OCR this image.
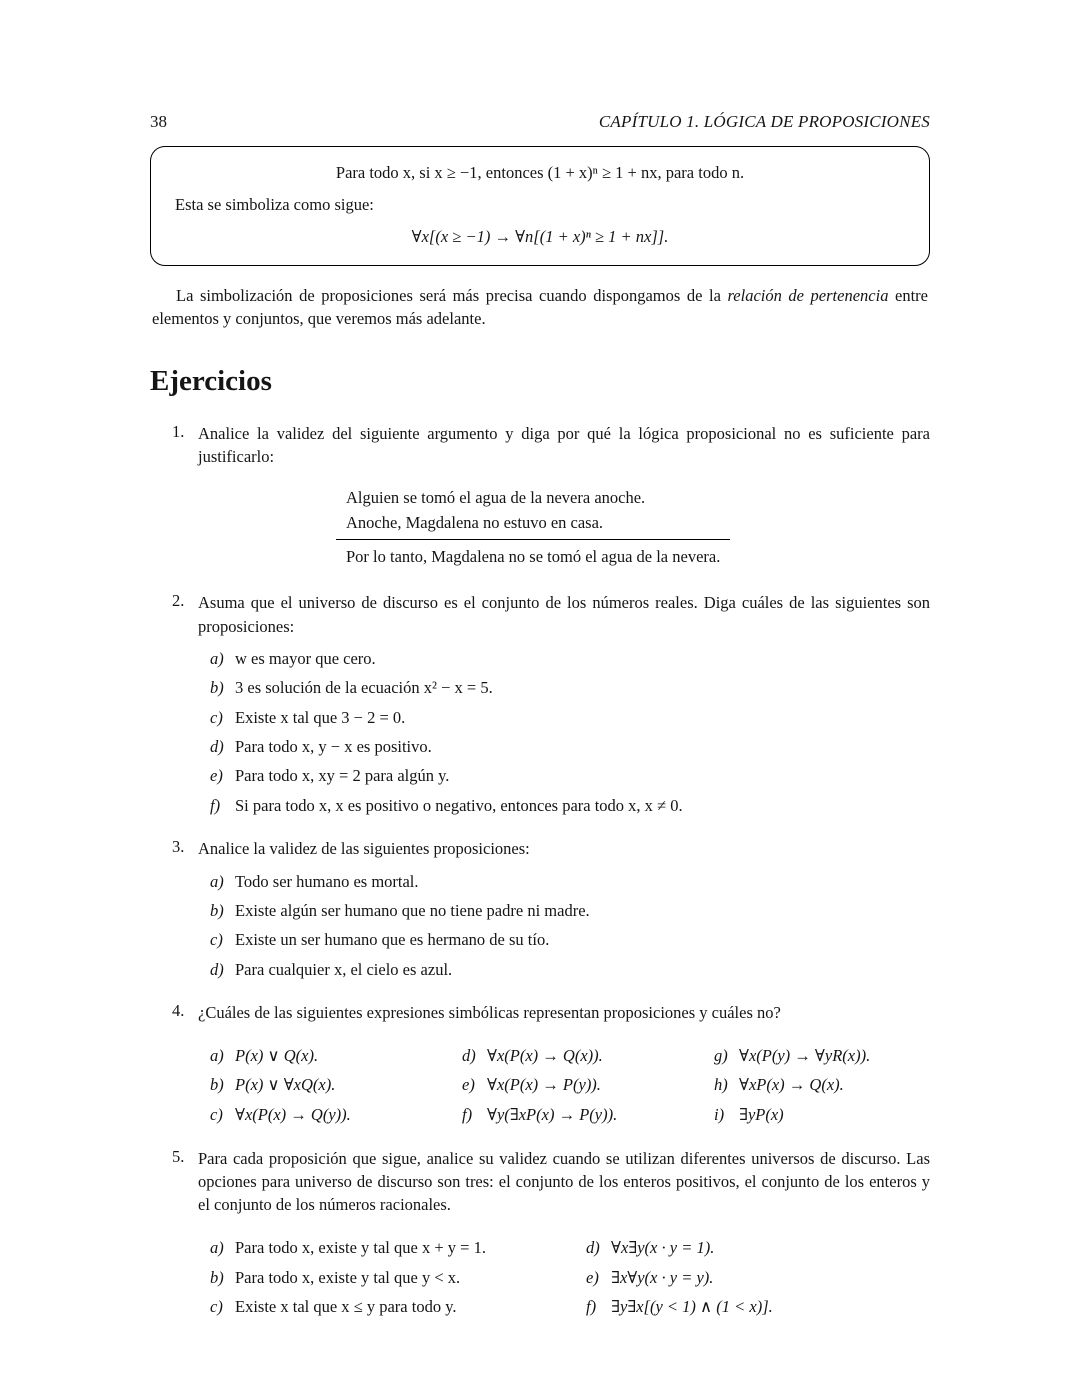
38	CAPÍTULO 1. LÓGICA DE PROPOSICIONES
Para todo x, si x ≥ −1, entonces (1 + x)ⁿ ≥ 1 + nx, para todo n.
Esta se simboliza como sigue:
∀x[(x ≥ −1) → ∀n[(1 + x)ⁿ ≥ 1 + nx]].

La simbolización de proposiciones será más precisa cuando dispongamos de la relación de pertenencia entre elementos y conjuntos, que veremos más adelante.

Ejercicios
1. Analice la validez del siguiente argumento y diga por qué la lógica proposicional no es suficiente para justificarlo:

Alguien se tomó el agua de la nevera anoche.
Anoche, Magdalena no estuvo en casa.
Por lo tanto, Magdalena no se tomó el agua de la nevera.
2. Asuma que el universo de discurso es el conjunto de los números reales. Diga cuáles de las siguientes son proposiciones:

a) w es mayor que cero.
b) 3 es solución de la ecuación x² − x = 5.
c) Existe x tal que 3 − 2 = 0.
d) Para todo x, y − x es positivo.
e) Para todo x, xy = 2 para algún y.
f) Si para todo x, x es positivo o negativo, entonces para todo x, x ≠ 0.
3. Analice la validez de las siguientes proposiciones:

a) Todo ser humano es mortal.
b) Existe algún ser humano que no tiene padre ni madre.
c) Existe un ser humano que es hermano de su tío.
d) Para cualquier x, el cielo es azul.
4. ¿Cuáles de las siguientes expresiones simbólicas representan proposiciones y cuáles no?

a) P(x) ∨ Q(x).
b) P(x) ∨ ∀xQ(x).
c) ∀x(P(x) → Q(y)).
d) ∀x(P(x) → Q(x)).
e) ∀x(P(x) → P(y)).
f) ∀y(∃xP(x) → P(y)).
g) ∀x(P(y) → ∀yR(x)).
h) ∀xP(x) → Q(x).
i) ∃yP(x)
5. Para cada proposición que sigue, analice su validez cuando se utilizan diferentes universos de discurso. Las opciones para universo de discurso son tres: el conjunto de los enteros positivos, el conjunto de los enteros y el conjunto de los números racionales.

a) Para todo x, existe y tal que x + y = 1.
b) Para todo x, existe y tal que y < x.
c) Existe x tal que x ≤ y para todo y.
d) ∀x∃y(x · y = 1).
e) ∃x∀y(x · y = y).
f) ∃y∃x[(y < 1) ∧ (1 < x)].
